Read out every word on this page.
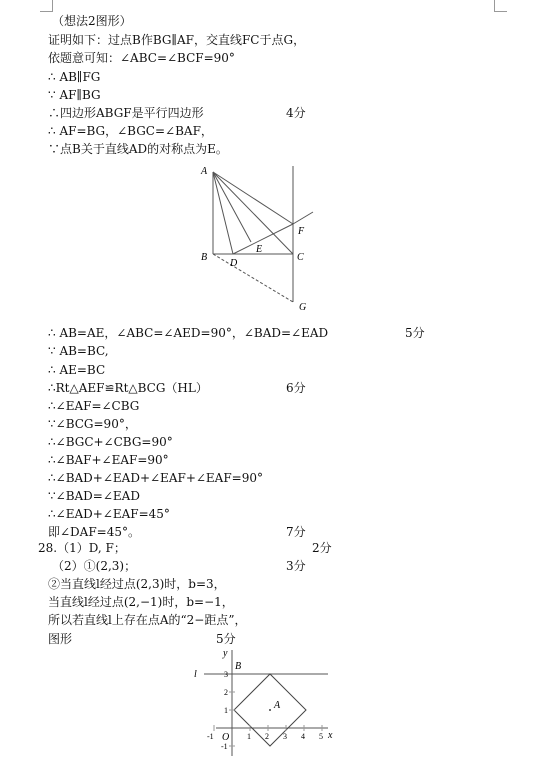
（想法2图形）
证明如下：过点B作BG∥AF，交直线FC于点G，
依题意可知：∠ABC=∠BCF=90°
∴ AB∥FG
∵ AF∥BG
∴四边形ABGF是平行四边形
∴ AF=BG，∠BGC=∠BAF，
∵点B关于直线AD的对称点为E。
∴ AB=AE，∠ABC=∠AED=90°，∠BAD=∠EAD
∵ AB=BC,
∴ AE=BC
∴Rt△AEF≌Rt△BCG（HL）
∴∠EAF=∠CBG
∵∠BCG=90°，
∴∠BGC+∠CBG=90°
∴∠BAF+∠EAF=90°
∴∠BAD+∠EAD+∠EAF+∠EAF=90°
∵∠BAD=∠EAD
∴∠EAD+∠EAF=45°
即∠DAF=45°。
28.（1）D, F；
（2）①(2,3)；
②当直线l经过点(2,3)时，b=3，
当直线l经过点(2,−1)时，b=−1，
所以若直线l上存在点A的“2−距点”，
图形
4分
5分
6分
7分
2分
3分
5分
A
B
D
E
C
F
G
y
x
O
l
B
A
-1	1 2 3 4 5
3
2
1
-1
